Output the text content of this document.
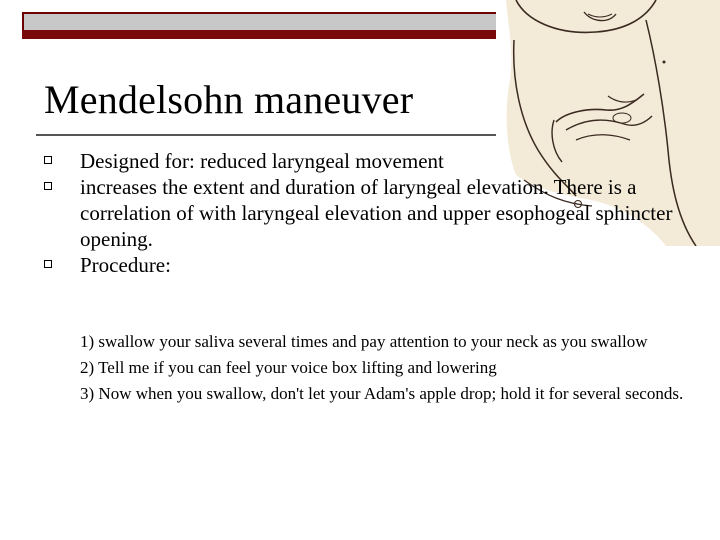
Mendelsohn maneuver
Designed for: reduced laryngeal movement
increases the extent and duration of laryngeal elevation. There is a correlation of with laryngeal elevation and upper esophogeal sphincter opening.
Procedure:
1) swallow your saliva several times and pay attention to your neck as you swallow
2) Tell me if you can feel your voice box lifting and lowering
3) Now when you swallow, don't let your Adam's apple drop; hold it for several seconds.
